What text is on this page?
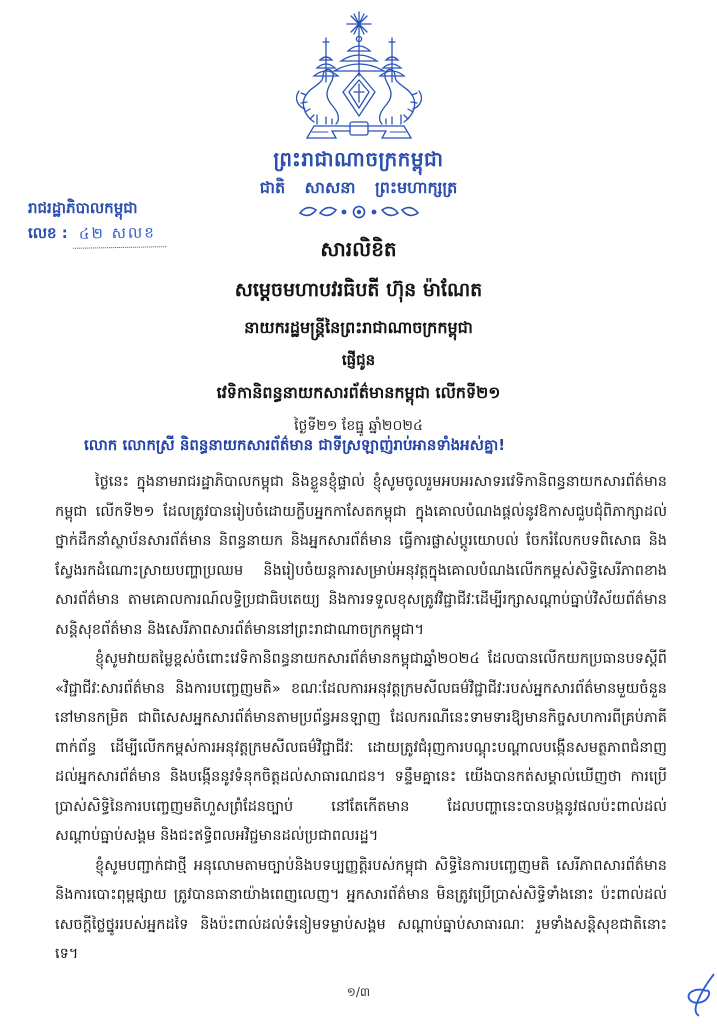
ព្រះរាជាណាចក្រកម្ពុជា
ជាតិ សាសនា ព្រះមហាក្សត្រ
រាជរដ្ឋាភិបាលកម្ពុជា
លេខ : ៤២ សលខ
សារលិខិត
សម្តេចមហាបវរធិបតី ហ៊ុន ម៉ាណែត
នាយករដ្ឋមន្ត្រីនៃព្រះរាជាណាចក្រកម្ពុជា
ផ្ញើជូន
វេទិកានិពន្ធនាយកសារព័ត៌មានកម្ពុជា លើកទី២១
ថ្ងៃទី២១ ខែធ្នូ ឆ្នាំ២០២៤

លោក លោកស្រី និពន្ធនាយកសារព័ត៌មាន ជាទីស្រឡាញ់រាប់អានទាំងអស់គ្នា!

ថ្ងៃនេះ ក្នុងនាមរាជរដ្ឋាភិបាលកម្ពុជា និងខ្លួនខ្ញុំផ្ទាល់ ខ្ញុំសូមចូលរួមអបអរសាទរវេទិកានិពន្ធនាយកសារព័ត៌មានកម្ពុជា លើកទី២១ ដែលត្រូវបានរៀបចំដោយក្លឹបអ្នកកាសែតកម្ពុជា ក្នុងគោលបំណងផ្តល់នូវឱកាសជួបជុំពិភាក្សាដល់ថ្នាក់ដឹកនាំស្ថាប័នសារព័ត៌មាន និពន្ធនាយក និងអ្នកសារព័ត៌មាន ធ្វើការផ្លាស់ប្តូរយោបល់ ចែករំលែកបទពិសោធ និងស្វែងរកដំណោះស្រាយបញ្ហាប្រឈម និងរៀបចំយន្តការសម្រាប់អនុវត្តក្នុងគោលបំណងលើកកម្ពស់សិទ្ធិសេរីភាពខាងសារព័ត៌មាន តាមគោលការណ៍លទ្ធិប្រជាធិបតេយ្យ និងការទទួលខុសត្រូវវិជ្ជាជីវៈដើម្បីរក្សាសណ្តាប់ធ្នាប់វិស័យព័ត៌មាន សន្តិសុខព័ត៌មាន និងសេរីភាពសារព័ត៌មាននៅព្រះរាជាណាចក្រកម្ពុជា។

ខ្ញុំសូមវាយតម្លៃខ្ពស់ចំពោះវេទិកានិពន្ធនាយកសារព័ត៌មានកម្ពុជាឆ្នាំ២០២៤ ដែលបានលើកយកប្រធានបទស្តីពី «វិជ្ជាជីវៈសារព័ត៌មាន និងការបញ្ចេញមតិ» ខណៈដែលការអនុវត្តក្រមសីលធម៌វិជ្ជាជីវៈរបស់អ្នកសារព័ត៌មានមួយចំនួននៅមានកម្រិត ជាពិសេសអ្នកសារព័ត៌មានតាមប្រព័ន្ធអនឡាញ ដែលករណីនេះទាមទារឱ្យមានកិច្ចសហការពីគ្រប់ភាគីពាក់ព័ន្ធ ដើម្បីលើកកម្ពស់ការអនុវត្តក្រមសីលធម៌វិជ្ជាជីវៈ ដោយត្រូវជំរុញការបណ្តុះបណ្តាលបង្កើនសមត្ថភាពជំនាញដល់អ្នកសារព័ត៌មាន និងបង្កើននូវទំនុកចិត្តដល់សាធារណជន។ ទន្ទឹមគ្នានេះ យើងបានកត់សម្គាល់ឃើញថា ការប្រើប្រាស់សិទ្ធិនៃការបញ្ចេញមតិហួសព្រំដែនច្បាប់ នៅតែកើតមាន ដែលបញ្ហានេះបានបង្កនូវផលប៉ះពាល់ដល់សណ្តាប់ធ្នាប់សង្គម និងជះឥទ្ធិពលអវិជ្ជមានដល់ប្រជាពលរដ្ឋ។

ខ្ញុំសូមបញ្ជាក់ជាថ្មី អនុលោមតាមច្បាប់និងបទប្បញ្ញត្តិរបស់កម្ពុជា សិទ្ធិនៃការបញ្ចេញមតិ សេរីភាពសារព័ត៌មាននិងការបោះពុម្ពផ្សាយ ត្រូវបានធានាយ៉ាងពេញលេញ។ អ្នកសារព័ត៌មាន មិនត្រូវប្រើប្រាស់សិទ្ធិទាំងនោះ ប៉ះពាល់ដល់សេចក្តីថ្លៃថ្នូររបស់អ្នកដទៃ និងប៉ះពាល់ដល់ទំនៀមទម្លាប់សង្គម សណ្តាប់ធ្នាប់សាធារណៈ រួមទាំងសន្តិសុខជាតិនោះទេ។

១/៣
